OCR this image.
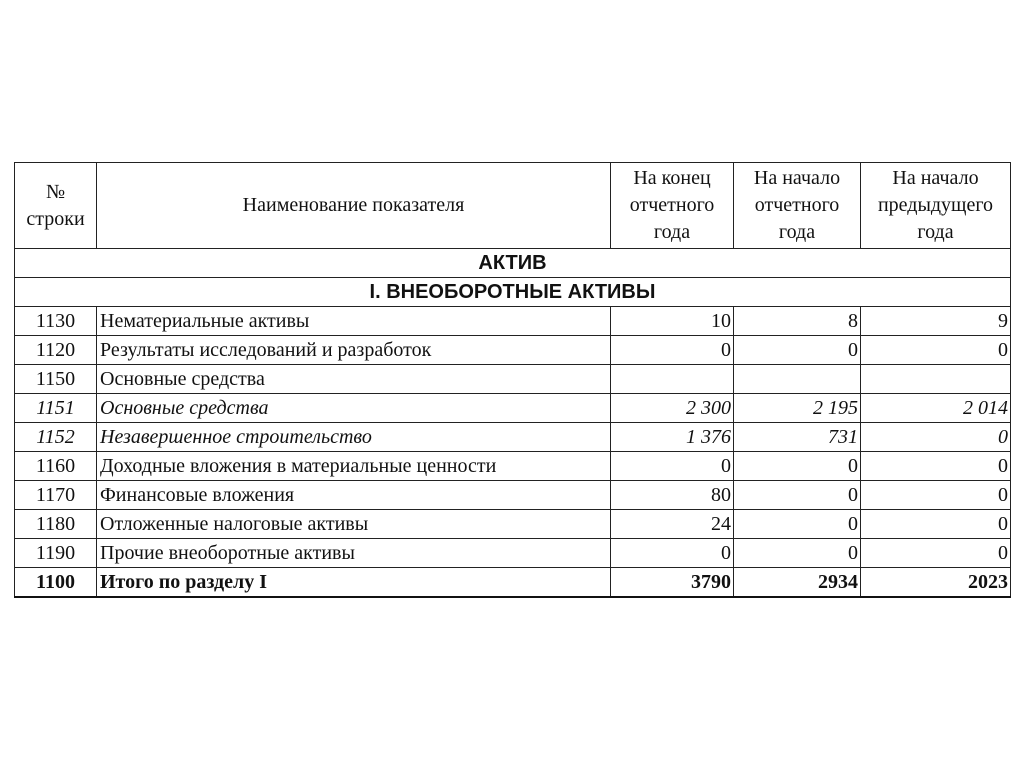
№ строки	Наименование показателя	На конец отчетного года	На начало отчетного года	На начало предыдущего года
АКТИВ				
I. ВНЕОБОРОТНЫЕ АКТИВЫ				
1130	Нематериальные активы	10	8	9
1120	Результаты исследований и разработок	0	0	0
1150	Основные средства			
1151	Основные средства	2 300	2 195	2 014
1152	Незавершенное строительство	1 376	731	0
1160	Доходные вложения в материальные ценности	0	0	0
1170	Финансовые вложения	80	0	0
1180	Отложенные налоговые активы	24	0	0
1190	Прочие внеоборотные активы	0	0	0
1100	Итого по разделу I	3790	2934	2023
